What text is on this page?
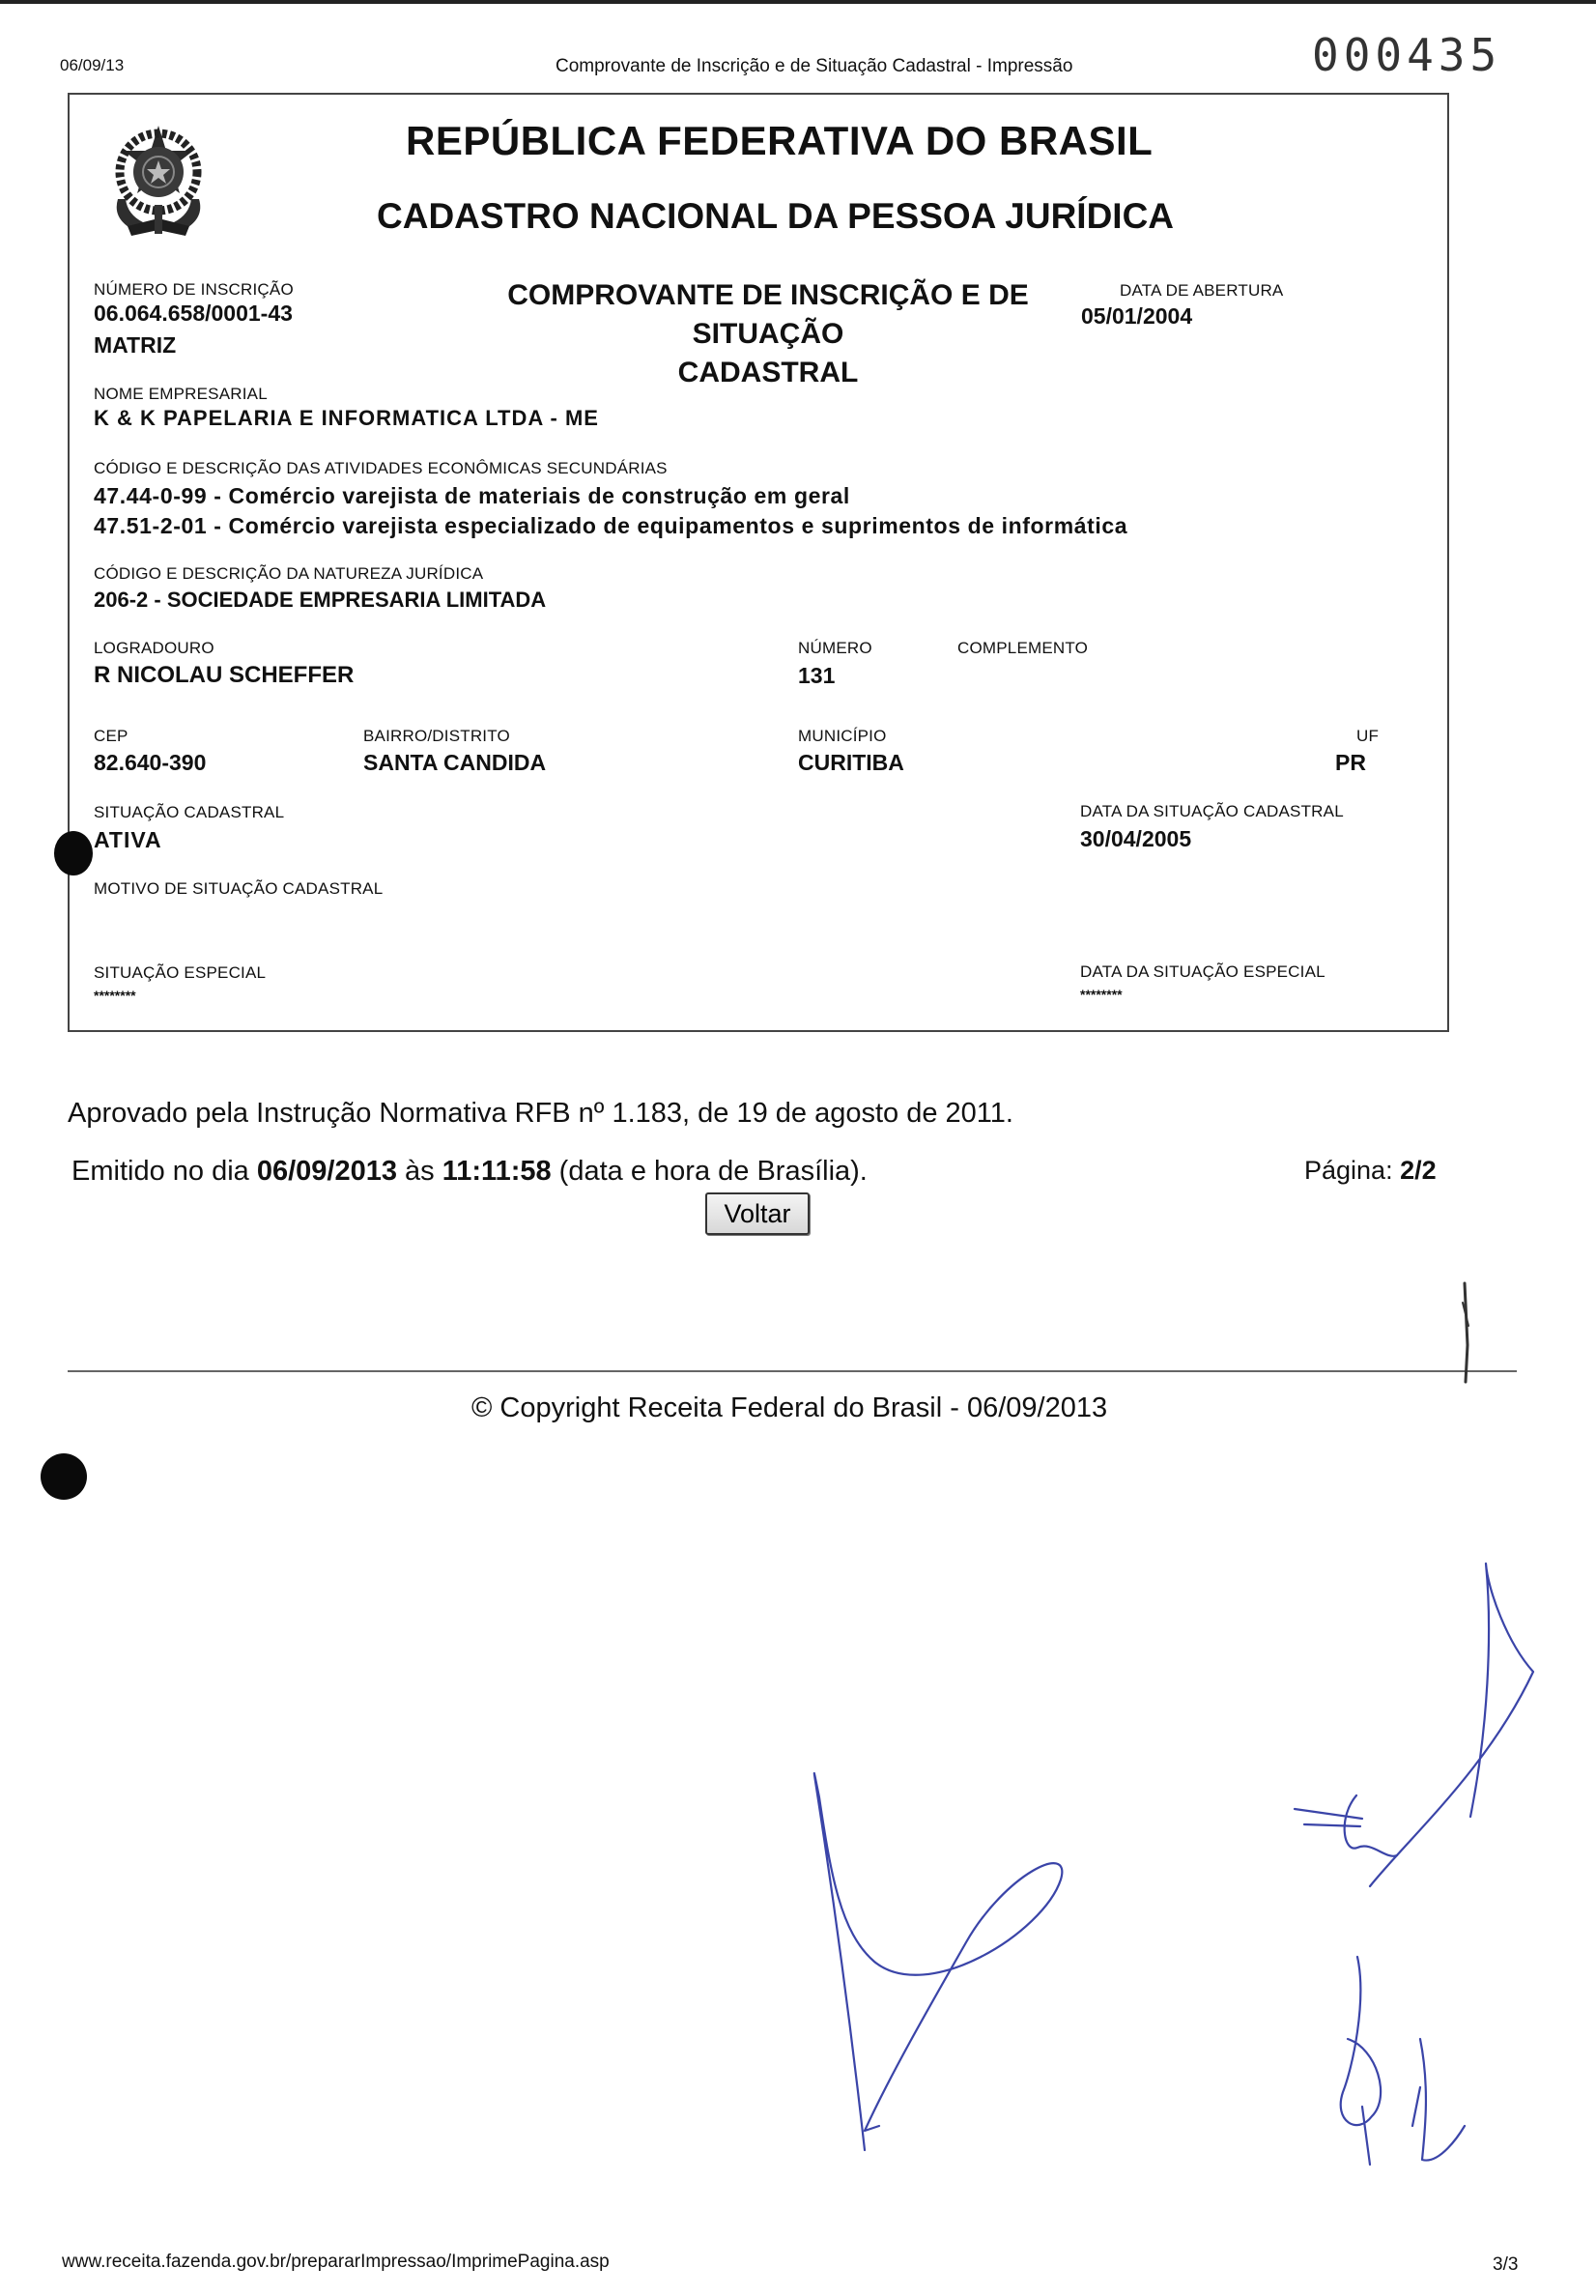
06/09/13	Comprovante de Inscrição e de Situação Cadastral - Impressão	000435
REPÚBLICA FEDERATIVA DO BRASIL
CADASTRO NACIONAL DA PESSOA JURÍDICA
COMPROVANTE DE INSCRIÇÃO E DE SITUAÇÃO
CADASTRAL
NÚMERO DE INSCRIÇÃO
06.064.658/0001-43
MATRIZ
DATA DE ABERTURA
05/01/2004
NOME EMPRESARIAL
K & K PAPELARIA E INFORMATICA LTDA - ME
CÓDIGO E DESCRIÇÃO DAS ATIVIDADES ECONÔMICAS SECUNDÁRIAS
47.44-0-99 - Comércio varejista de materiais de construção em geral
47.51-2-01 - Comércio varejista especializado de equipamentos e suprimentos de informática
CÓDIGO E DESCRIÇÃO DA NATUREZA JURÍDICA
206-2 - SOCIEDADE EMPRESARIA LIMITADA
LOGRADOURO
R NICOLAU SCHEFFER
NÚMERO
131
COMPLEMENTO
CEP
82.640-390
BAIRRO/DISTRITO
SANTA CANDIDA
MUNICÍPIO
CURITIBA
UF
PR
SITUAÇÃO CADASTRAL
ATIVA
DATA DA SITUAÇÃO CADASTRAL
30/04/2005
MOTIVO DE SITUAÇÃO CADASTRAL
SITUAÇÃO ESPECIAL
********
DATA DA SITUAÇÃO ESPECIAL
********
Aprovado pela Instrução Normativa RFB nº 1.183, de 19 de agosto de 2011.
Emitido no dia 06/09/2013 às 11:11:58 (data e hora de Brasília).	Página: 2/2
Voltar
© Copyright Receita Federal do Brasil - 06/09/2013
www.receita.fazenda.gov.br/prepararImpressao/ImprimePagina.asp	3/3
